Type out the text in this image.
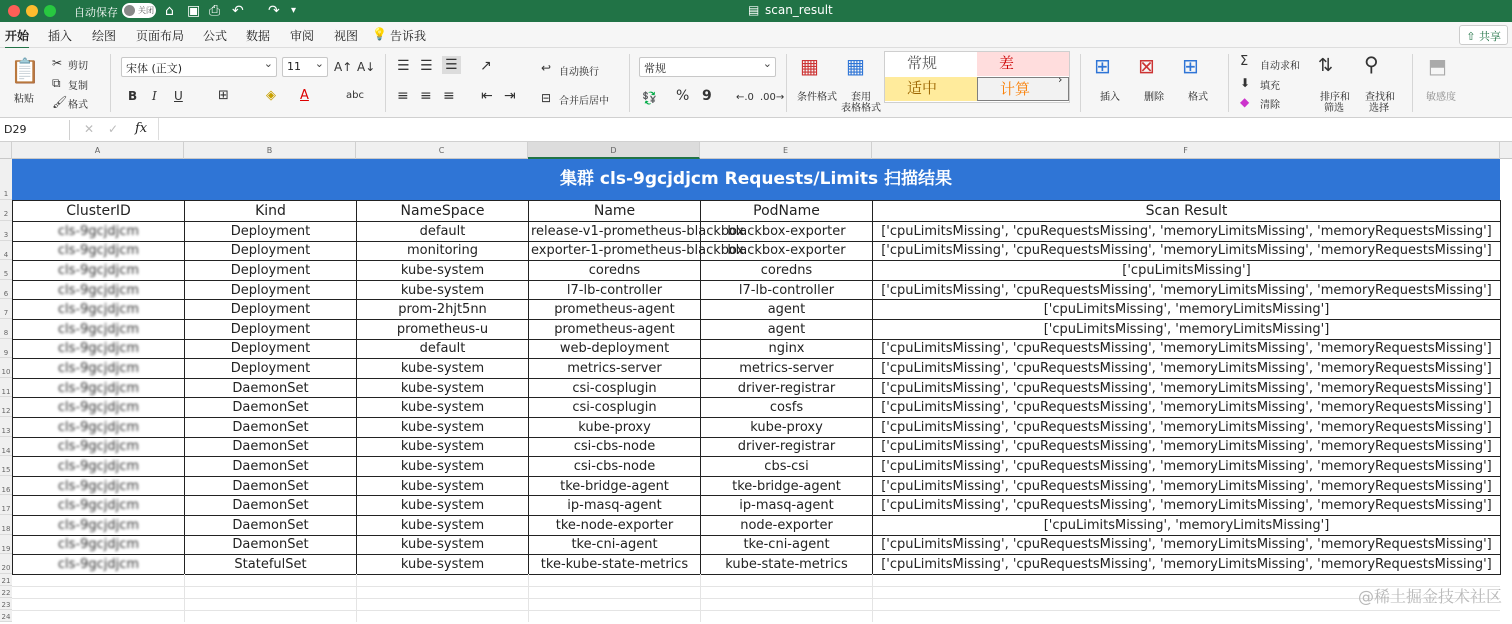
自动保存	关闭 ⌂ ▣ ⎙ ↶ ↷ ▾	▤ scan_result
开始 插入 绘图 页面布局 公式 数据 审阅 视图 💡 告诉我	⇧ 共享
📋
粘贴
✂ 剪切
⧉ 复制
🖌 格式
宋体 (正文) ⌄	11 ⌄	A↑ A↓
B I U	⊞	◈ A	abc
☰ ☰ ☰ ↗
≡ ≡ ≡ ⇤ ⇥
↩ 自动换行
⊟ 合并后居中
常规 ⌄
💱 % 9 ←.0 .00→
▦
条件格式
▦
套用
表格格式
常规	差
适中	计算
›
⊞
插入
⊠
删除
⊞
格式
Σ 自动求和
⬇ 填充
◆ 清除
⇅
排序和
筛选
⚲
查找和
选择
⬒
敏感度
D29	✕ ✓ fx
A	B	C	D	E	F
1
2
3
4
5
6
7
8
9
10
11
12
13
14
15
16
17
18
19
20
21
22
23
24
集群 cls-9gcjdjcm Requests/Limits 扫描结果
ClusterID	Kind	NameSpace	Name	PodName	Scan Result
cls-9gcjdjcm	Deployment	default	release-v1-prometheus-blackbox	blackbox-exporter	['cpuLimitsMissing', 'cpuRequestsMissing', 'memoryLimitsMissing', 'memoryRequestsMissing']
cls-9gcjdjcm	Deployment	monitoring	exporter-1-prometheus-blackbox	blackbox-exporter	['cpuLimitsMissing', 'cpuRequestsMissing', 'memoryLimitsMissing', 'memoryRequestsMissing']
cls-9gcjdjcm	Deployment	kube-system	coredns	coredns	['cpuLimitsMissing']
cls-9gcjdjcm	Deployment	kube-system	l7-lb-controller	l7-lb-controller	['cpuLimitsMissing', 'cpuRequestsMissing', 'memoryLimitsMissing', 'memoryRequestsMissing']
cls-9gcjdjcm	Deployment	prom-2hjt5nn	prometheus-agent	agent	['cpuLimitsMissing', 'memoryLimitsMissing']
cls-9gcjdjcm	Deployment	prometheus-u	prometheus-agent	agent	['cpuLimitsMissing', 'memoryLimitsMissing']
cls-9gcjdjcm	Deployment	default	web-deployment	nginx	['cpuLimitsMissing', 'cpuRequestsMissing', 'memoryLimitsMissing', 'memoryRequestsMissing']
cls-9gcjdjcm	Deployment	kube-system	metrics-server	metrics-server	['cpuLimitsMissing', 'cpuRequestsMissing', 'memoryLimitsMissing', 'memoryRequestsMissing']
cls-9gcjdjcm	DaemonSet	kube-system	csi-cosplugin	driver-registrar	['cpuLimitsMissing', 'cpuRequestsMissing', 'memoryLimitsMissing', 'memoryRequestsMissing']
cls-9gcjdjcm	DaemonSet	kube-system	csi-cosplugin	cosfs	['cpuLimitsMissing', 'cpuRequestsMissing', 'memoryLimitsMissing', 'memoryRequestsMissing']
cls-9gcjdjcm	DaemonSet	kube-system	kube-proxy	kube-proxy	['cpuLimitsMissing', 'cpuRequestsMissing', 'memoryLimitsMissing', 'memoryRequestsMissing']
cls-9gcjdjcm	DaemonSet	kube-system	csi-cbs-node	driver-registrar	['cpuLimitsMissing', 'cpuRequestsMissing', 'memoryLimitsMissing', 'memoryRequestsMissing']
cls-9gcjdjcm	DaemonSet	kube-system	csi-cbs-node	cbs-csi	['cpuLimitsMissing', 'cpuRequestsMissing', 'memoryLimitsMissing', 'memoryRequestsMissing']
cls-9gcjdjcm	DaemonSet	kube-system	tke-bridge-agent	tke-bridge-agent	['cpuLimitsMissing', 'cpuRequestsMissing', 'memoryLimitsMissing', 'memoryRequestsMissing']
cls-9gcjdjcm	DaemonSet	kube-system	ip-masq-agent	ip-masq-agent	['cpuLimitsMissing', 'cpuRequestsMissing', 'memoryLimitsMissing', 'memoryRequestsMissing']
cls-9gcjdjcm	DaemonSet	kube-system	tke-node-exporter	node-exporter	['cpuLimitsMissing', 'memoryLimitsMissing']
cls-9gcjdjcm	DaemonSet	kube-system	tke-cni-agent	tke-cni-agent	['cpuLimitsMissing', 'cpuRequestsMissing', 'memoryLimitsMissing', 'memoryRequestsMissing']
cls-9gcjdjcm	StatefulSet	kube-system	tke-kube-state-metrics	kube-state-metrics	['cpuLimitsMissing', 'cpuRequestsMissing', 'memoryLimitsMissing', 'memoryRequestsMissing']
@稀土掘金技术社区
